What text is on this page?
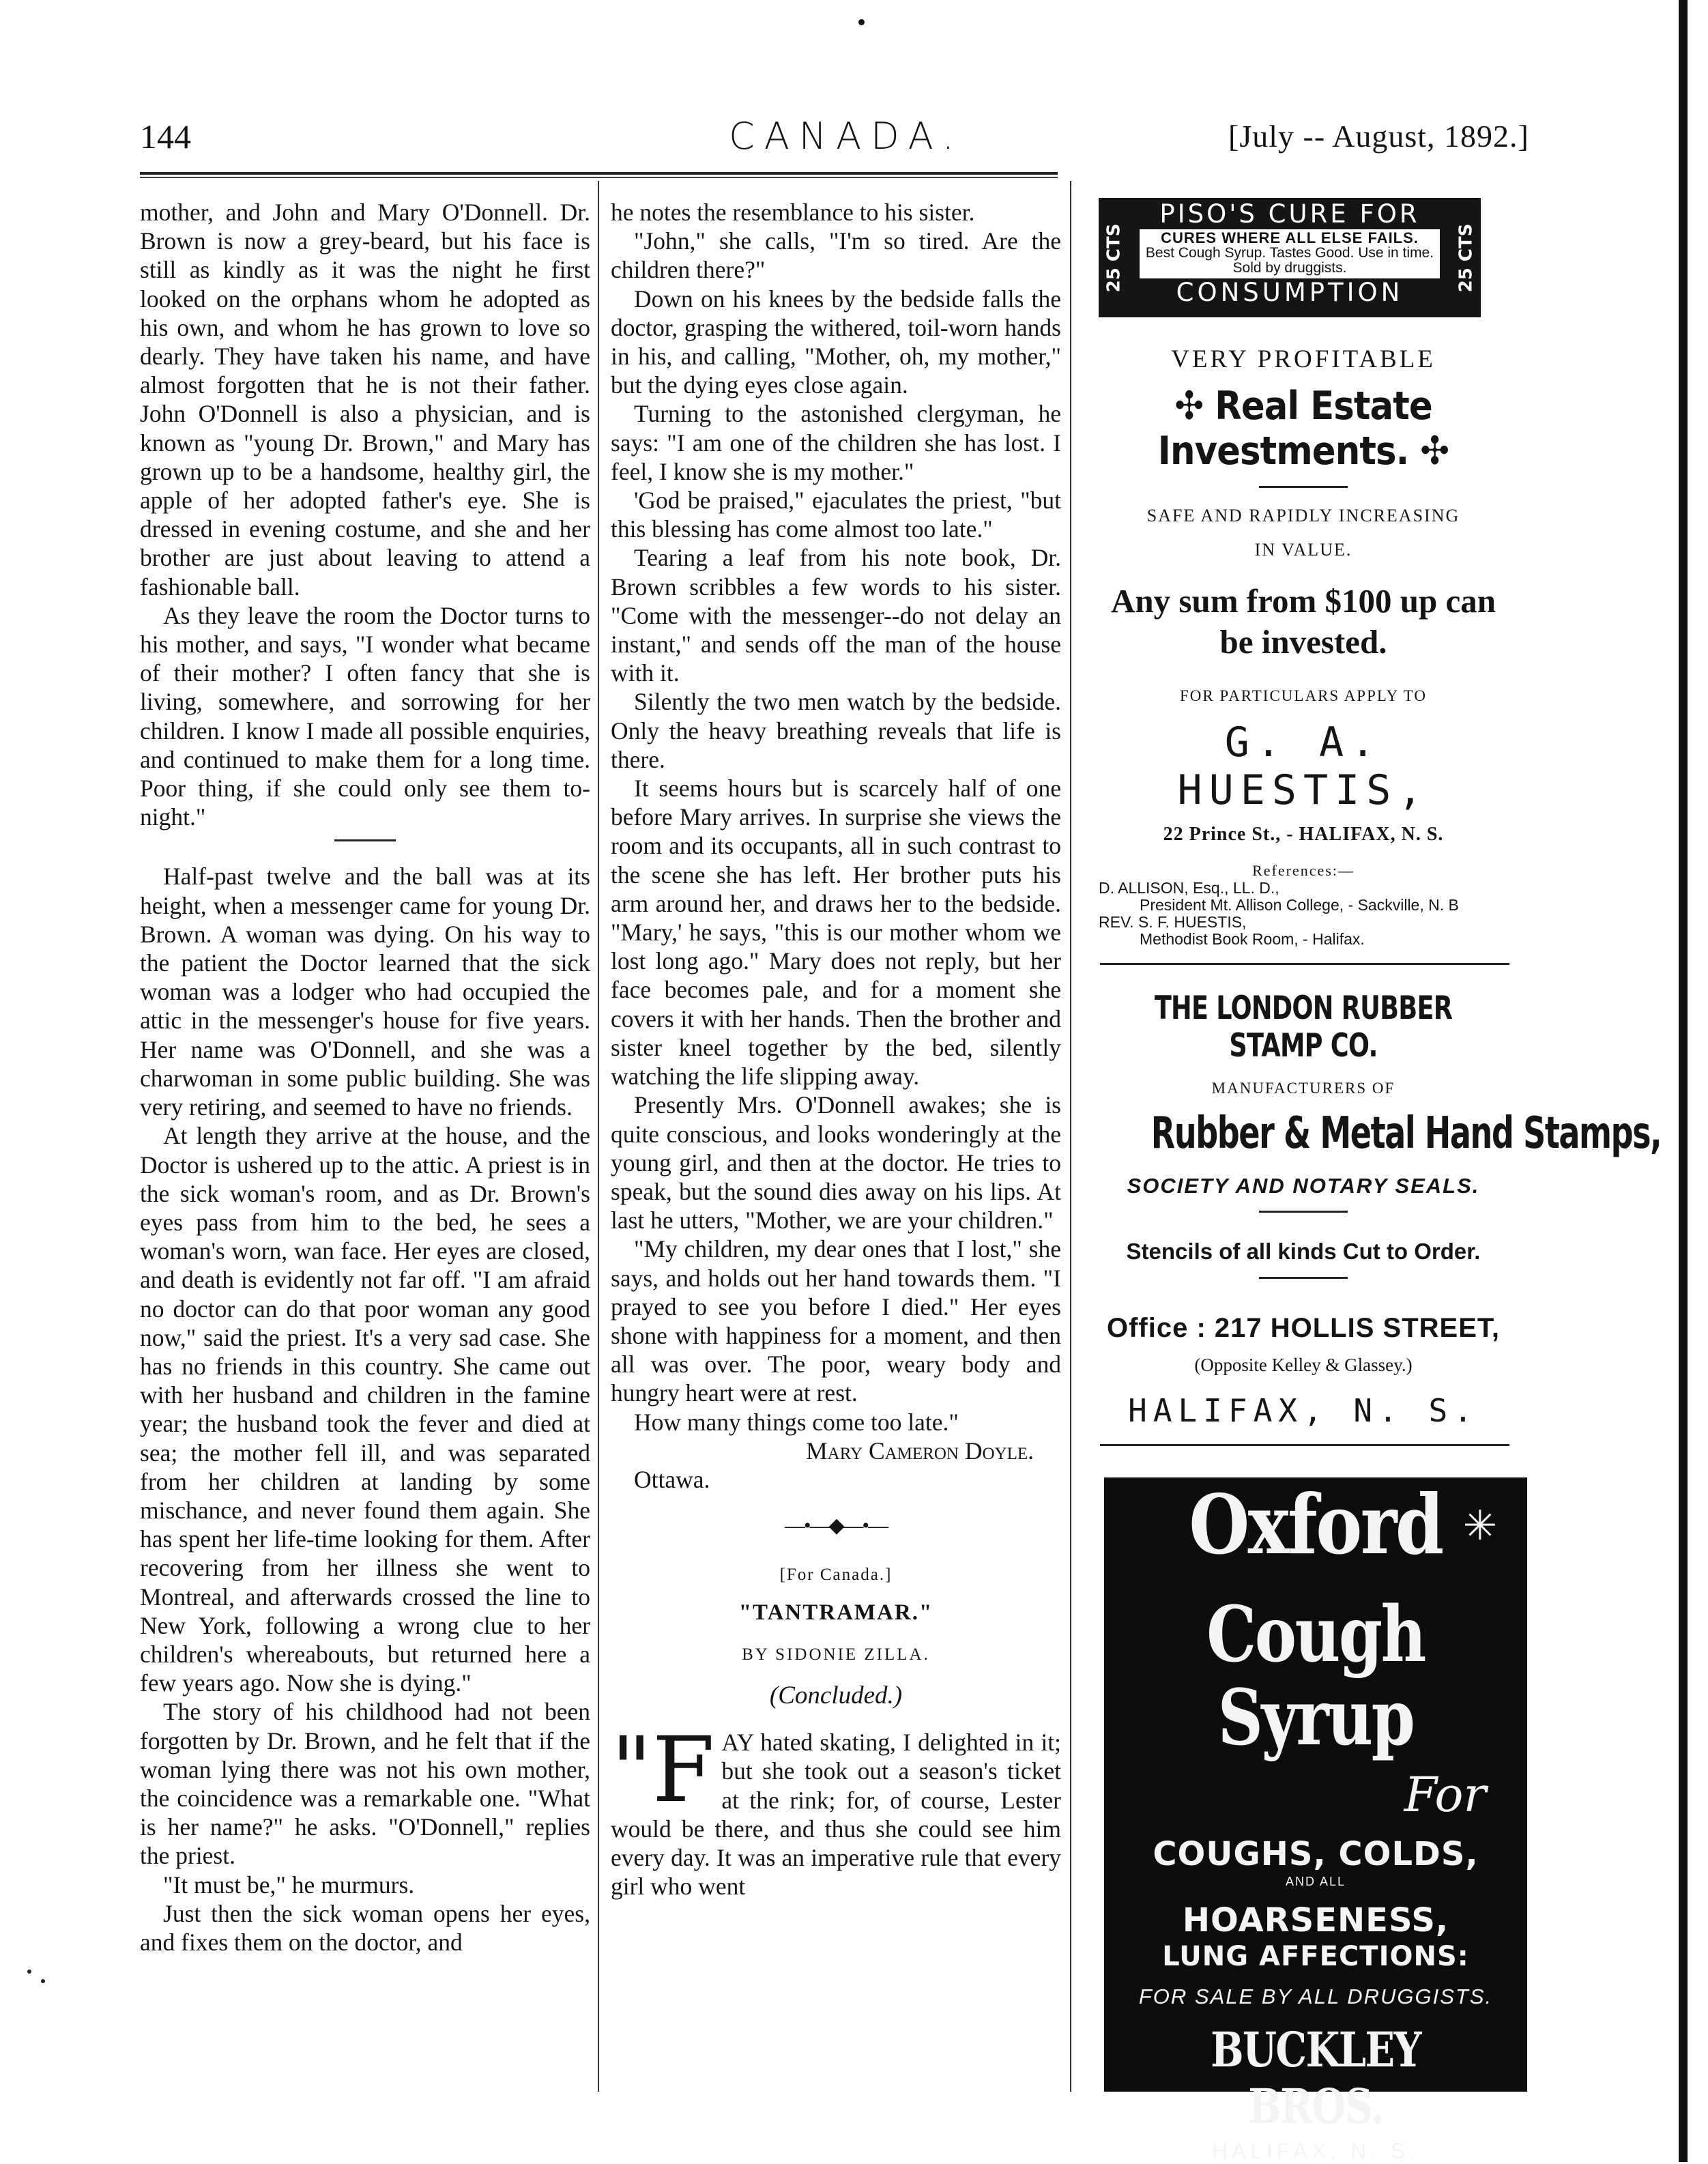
144	CANADA.	[July -- August, 1892.]

mother, and John and Mary O'Donnell. Dr. Brown is now a grey-beard, but his face is still as kindly as it was the night he first looked on the orphans whom he adopted as his own, and whom he has grown to love so dearly. They have taken his name, and have almost forgotten that he is not their father. John O'Donnell is also a physician, and is known as "young Dr. Brown," and Mary has grown up to be a handsome, healthy girl, the apple of her adopted father's eye. She is dressed in evening costume, and she and her brother are just about leaving to attend a fashionable ball.

As they leave the room the Doctor turns to his mother, and says, "I wonder what became of their mother? I often fancy that she is living, somewhere, and sorrowing for her children. I know I made all possible enquiries, and continued to make them for a long time. Poor thing, if she could only see them to-night."

Half-past twelve and the ball was at its height, when a messenger came for young Dr. Brown. A woman was dying. On his way to the patient the Doctor learned that the sick woman was a lodger who had occupied the attic in the messenger's house for five years. Her name was O'Donnell, and she was a charwoman in some public building. She was very retiring, and seemed to have no friends.

At length they arrive at the house, and the Doctor is ushered up to the attic. A priest is in the sick woman's room, and as Dr. Brown's eyes pass from him to the bed, he sees a woman's worn, wan face. Her eyes are closed, and death is evidently not far off. "I am afraid no doctor can do that poor woman any good now," said the priest. It's a very sad case. She has no friends in this country. She came out with her husband and children in the famine year; the husband took the fever and died at sea; the mother fell ill, and was separated from her children at landing by some mischance, and never found them again. She has spent her life-time looking for them. After recovering from her illness she went to Montreal, and afterwards crossed the line to New York, following a wrong clue to her children's whereabouts, but returned here a few years ago. Now she is dying."

The story of his childhood had not been forgotten by Dr. Brown, and he felt that if the woman lying there was not his own mother, the coincidence was a remarkable one. "What is her name?" he asks. "O'Donnell," replies the priest.

"It must be," he murmurs.

Just then the sick woman opens her eyes, and fixes them on the doctor, and

he notes the resemblance to his sister.

"John," she calls, "I'm so tired. Are the children there?"

Down on his knees by the bedside falls the doctor, grasping the withered, toil-worn hands in his, and calling, "Mother, oh, my mother," but the dying eyes close again.

Turning to the astonished clergyman, he says: "I am one of the children she has lost. I feel, I know she is my mother."

'God be praised," ejaculates the priest, "but this blessing has come almost too late."

Tearing a leaf from his note book, Dr. Brown scribbles a few words to his sister. "Come with the messenger--do not delay an instant," and sends off the man of the house with it.

Silently the two men watch by the bedside. Only the heavy breathing reveals that life is there.

It seems hours but is scarcely half of one before Mary arrives. In surprise she views the room and its occupants, all in such contrast to the scene she has left. Her brother puts his arm around her, and draws her to the bedside. "Mary,' he says, "this is our mother whom we lost long ago." Mary does not reply, but her face becomes pale, and for a moment she covers it with her hands. Then the brother and sister kneel together by the bed, silently watching the life slipping away.

Presently Mrs. O'Donnell awakes; she is quite conscious, and looks wonderingly at the young girl, and then at the doctor. He tries to speak, but the sound dies away on his lips. At last he utters, "Mother, we are your children."

"My children, my dear ones that I lost," she says, and holds out her hand towards them. "I prayed to see you before I died." Her eyes shone with happiness for a moment, and then all was over. The poor, weary body and hungry heart were at rest.

How many things come too late."

Mary Cameron Doyle.

Ottawa.

—•—◆—•—
[For Canada.]
"TANTRAMAR."
BY SIDONIE ZILLA.
(Concluded.)

"F AY hated skating, I delighted in it; but she took out a season's ticket at the rink; for, of course, Lester would be there, and thus she could see him every day. It was an imperative rule that every girl who went

25 CTS
PISO'S CURE FOR
CURES WHERE ALL ELSE FAILS.
Best Cough Syrup. Tastes Good. Use in time. Sold by druggists.
CONSUMPTION
25 CTS
VERY PROFITABLE
✣ Real Estate Investments. ✣
SAFE AND RAPIDLY INCREASING
IN VALUE.
Any sum from $100 up can be invested.
FOR PARTICULARS APPLY TO
G. A. HUESTIS,
22 Prince St., - HALIFAX, N. S.
References:—
D. ALLISON, Esq., LL. D.,
President Mt. Allison College, - Sackville, N. B
REV. S. F. HUESTIS,
Methodist Book Room, - Halifax.
THE LONDON RUBBER STAMP CO.
MANUFACTURERS OF
Rubber & Metal Hand Stamps,
SOCIETY AND NOTARY SEALS.
Stencils of all kinds Cut to Order.
Office : 217 HOLLIS STREET,
(Opposite Kelley & Glassey.)
HALIFAX, N. S.
✳
Oxford
Cough Syrup
For
COUGHS, COLDS,
AND ALL
HOARSENESS,
LUNG AFFECTIONS:
FOR SALE BY ALL DRUGGISTS.
BUCKLEY BROS.
HALIFAX, N. S.
